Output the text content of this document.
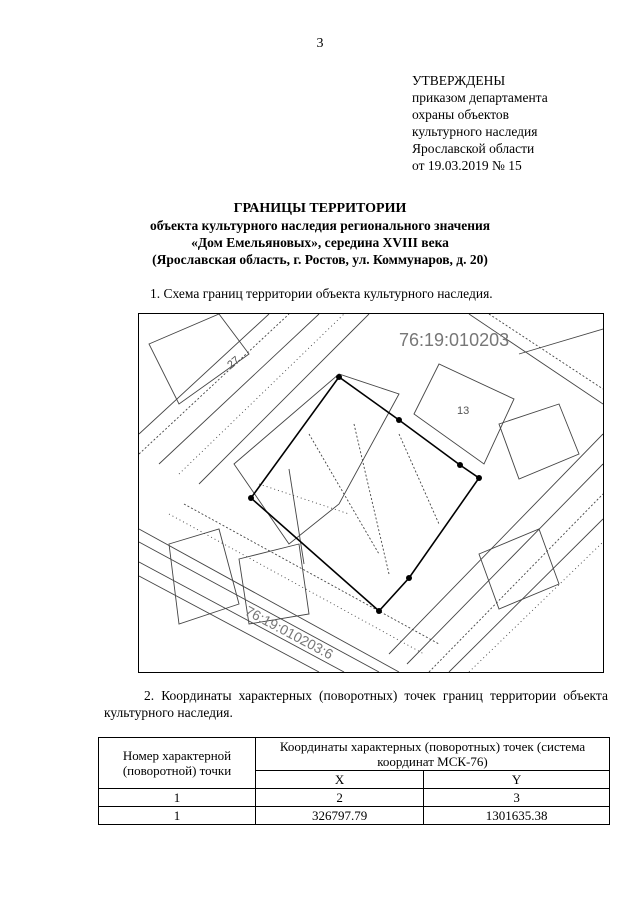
3
УТВЕРЖДЕНЫ
приказом департамента
охраны объектов
культурного наследия
Ярославской области
от 19.03.2019 № 15
ГРАНИЦЫ ТЕРРИТОРИИ
объекта культурного наследия регионального значения
«Дом Емельяновых», середина XVIII века
(Ярославская область, г. Ростов, ул. Коммунаров, д. 20)
1. Схема границ территории объекта культурного наследия.
76:19:010203
76:19:010203:6
27
13
2. Координаты характерных (поворотных) точек границ территории объекта культурного наследия.
Номер характерной (поворотной) точки	Координаты характерных (поворотных) точек (система координат МСК-76)	
	X	Y
1	2	3
1	326797.79	1301635.38
